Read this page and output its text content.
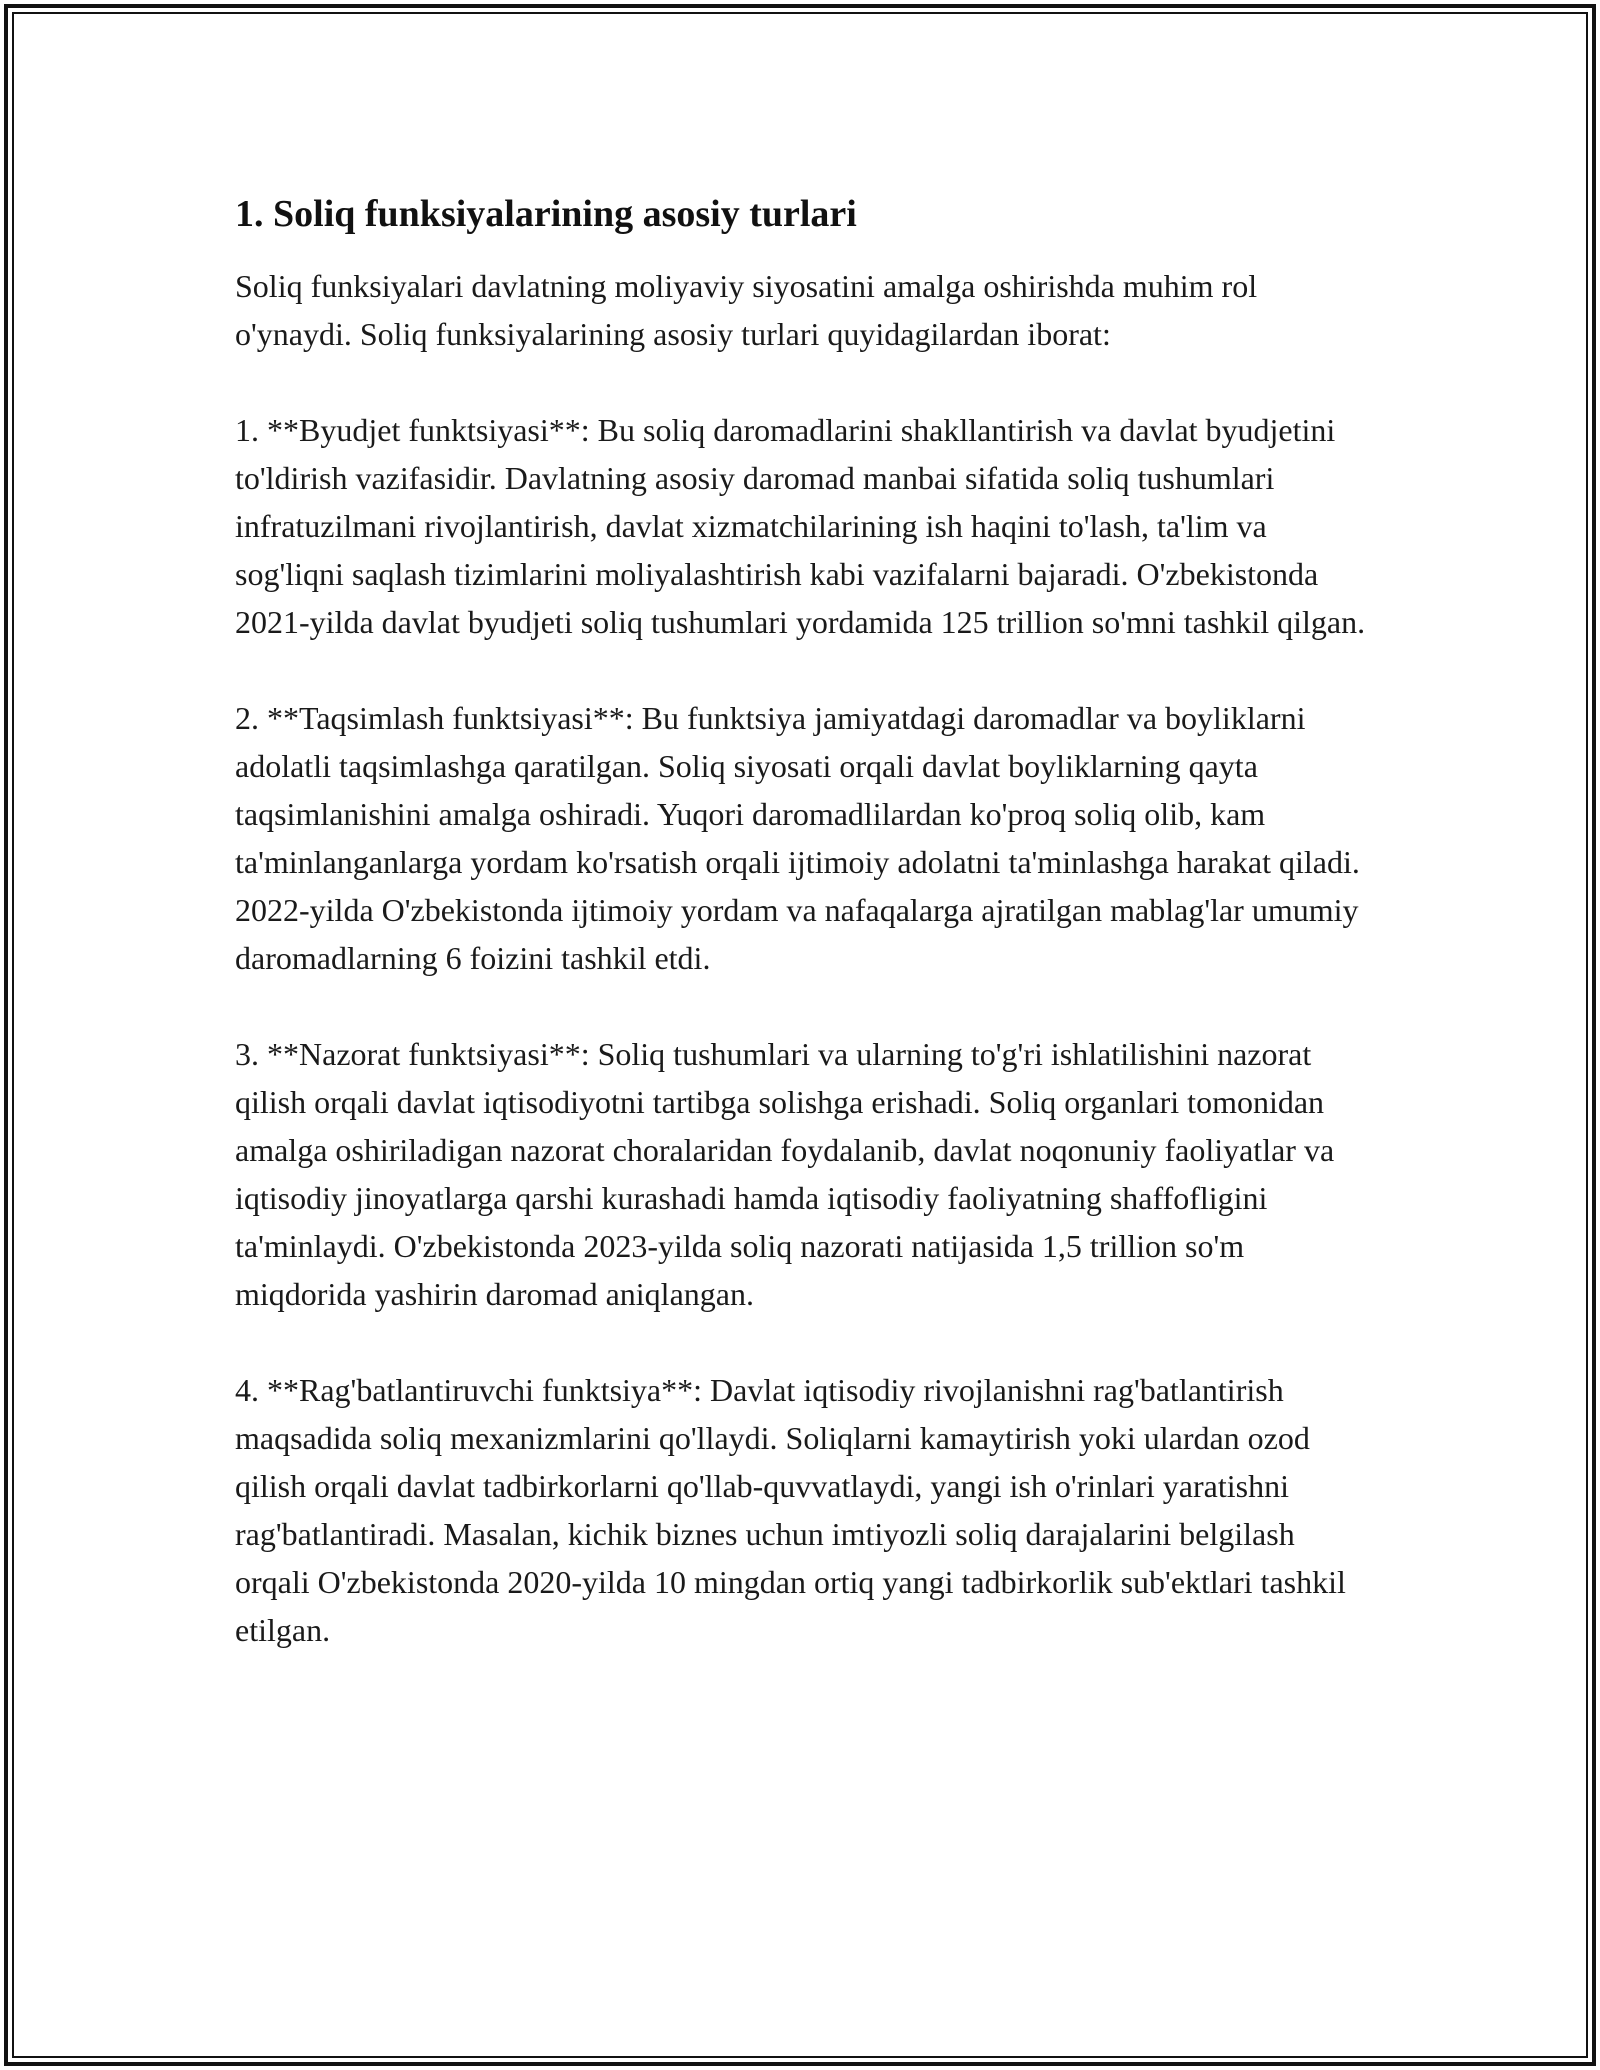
1. Soliq funksiyalarining asosiy turlari

Soliq funksiyalari davlatning moliyaviy siyosatini amalga oshirishda muhim rol o'ynaydi. Soliq funksiyalarining asosiy turlari quyidagilardan iborat:

1. **Byudjet funktsiyasi**: Bu soliq daromadlarini shakllantirish va davlat byudjetini to'ldirish vazifasidir. Davlatning asosiy daromad manbai sifatida soliq tushumlari infratuzilmani rivojlantirish, davlat xizmatchilarining ish haqini to'lash, ta'lim va sog'liqni saqlash tizimlarini moliyalashtirish kabi vazifalarni bajaradi. O'zbekistonda 2021-yilda davlat byudjeti soliq tushumlari yordamida 125 trillion so'mni tashkil qilgan.

2. **Taqsimlash funktsiyasi**: Bu funktsiya jamiyatdagi daromadlar va boyliklarni adolatli taqsimlashga qaratilgan. Soliq siyosati orqali davlat boyliklarning qayta taqsimlanishini amalga oshiradi. Yuqori daromadlilardan ko'proq soliq olib, kam ta'minlanganlarga yordam ko'rsatish orqali ijtimoiy adolatni ta'minlashga harakat qiladi. 2022-yilda O'zbekistonda ijtimoiy yordam va nafaqalarga ajratilgan mablag'lar umumiy daromadlarning 6 foizini tashkil etdi.

3. **Nazorat funktsiyasi**: Soliq tushumlari va ularning to'g'ri ishlatilishini nazorat qilish orqali davlat iqtisodiyotni tartibga solishga erishadi. Soliq organlari tomonidan amalga oshiriladigan nazorat choralaridan foydalanib, davlat noqonuniy faoliyatlar va iqtisodiy jinoyatlarga qarshi kurashadi hamda iqtisodiy faoliyatning shaffofligini ta'minlaydi. O'zbekistonda 2023-yilda soliq nazorati natijasida 1,5 trillion so'm miqdorida yashirin daromad aniqlangan.

4. **Rag'batlantiruvchi funktsiya**: Davlat iqtisodiy rivojlanishni rag'batlantirish maqsadida soliq mexanizmlarini qo'llaydi. Soliqlarni kamaytirish yoki ulardan ozod qilish orqali davlat tadbirkorlarni qo'llab-quvvatlaydi, yangi ish o'rinlari yaratishni rag'batlantiradi. Masalan, kichik biznes uchun imtiyozli soliq darajalarini belgilash orqali O'zbekistonda 2020-yilda 10 mingdan ortiq yangi tadbirkorlik sub'ektlari tashkil etilgan.
